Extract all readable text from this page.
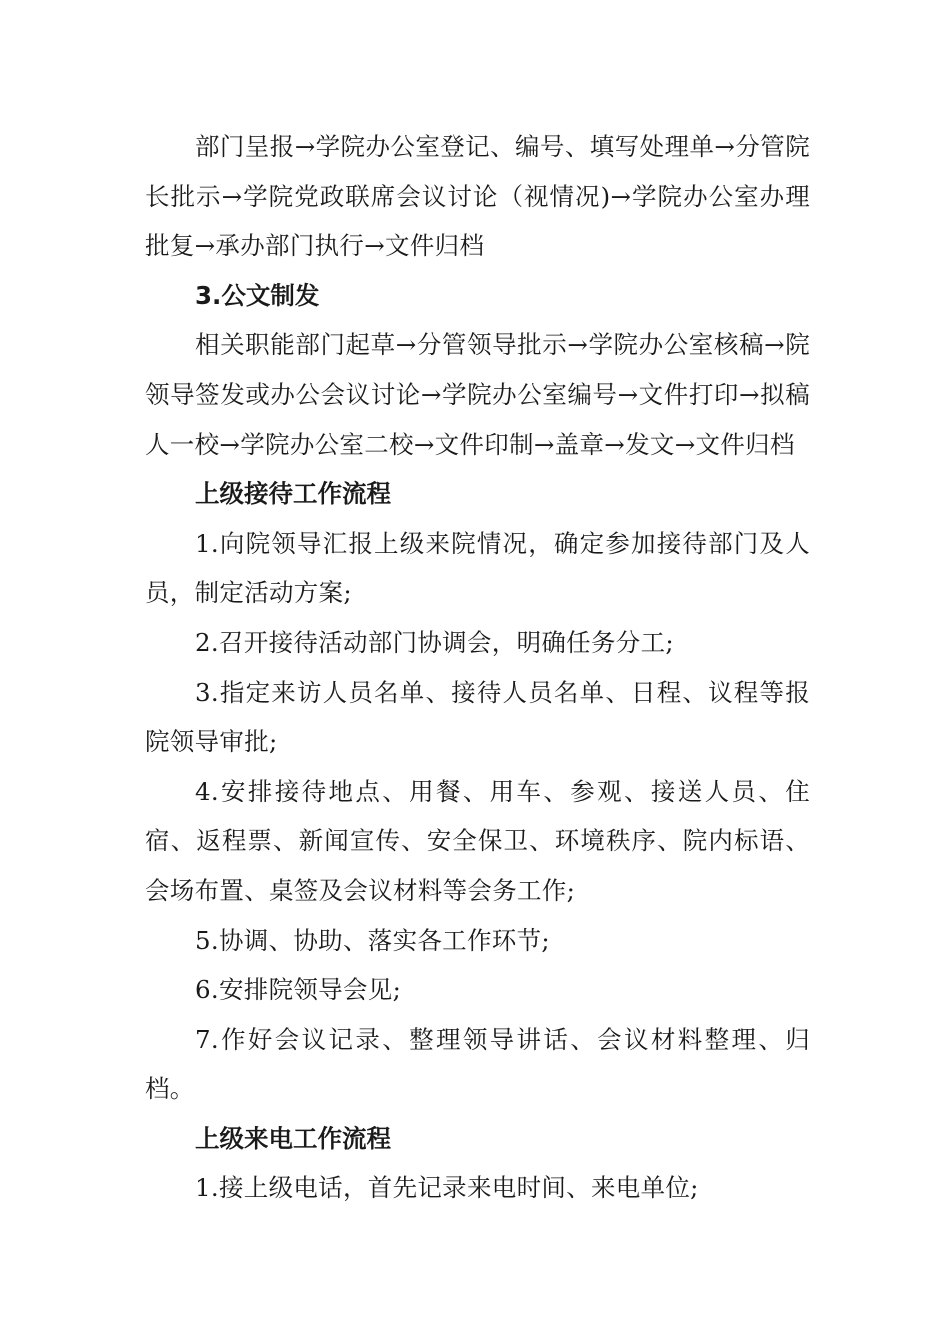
部门呈报→学院办公室登记、编号、填写处理单→分管院长批示→学院党政联席会议讨论（视情况)→学院办公室办理批复→承办部门执行→文件归档

3.公文制发

相关职能部门起草→分管领导批示→学院办公室核稿→院领导签发或办公会议讨论→学院办公室编号→文件打印→拟稿人一校→学院办公室二校→文件印制→盖章→发文→文件归档

上级接待工作流程

1.向院领导汇报上级来院情况，确定参加接待部门及人员，制定活动方案;

2.召开接待活动部门协调会，明确任务分工;

3.指定来访人员名单、接待人员名单、日程、议程等报院领导审批;

4.安排接待地点、用餐、用车、参观、接送人员、住宿、返程票、新闻宣传、安全保卫、环境秩序、院内标语、会场布置、桌签及会议材料等会务工作;

5.协调、协助、落实各工作环节;

6.安排院领导会见;

7.作好会议记录、整理领导讲话、会议材料整理、归档。

上级来电工作流程

1.接上级电话，首先记录来电时间、来电单位;
